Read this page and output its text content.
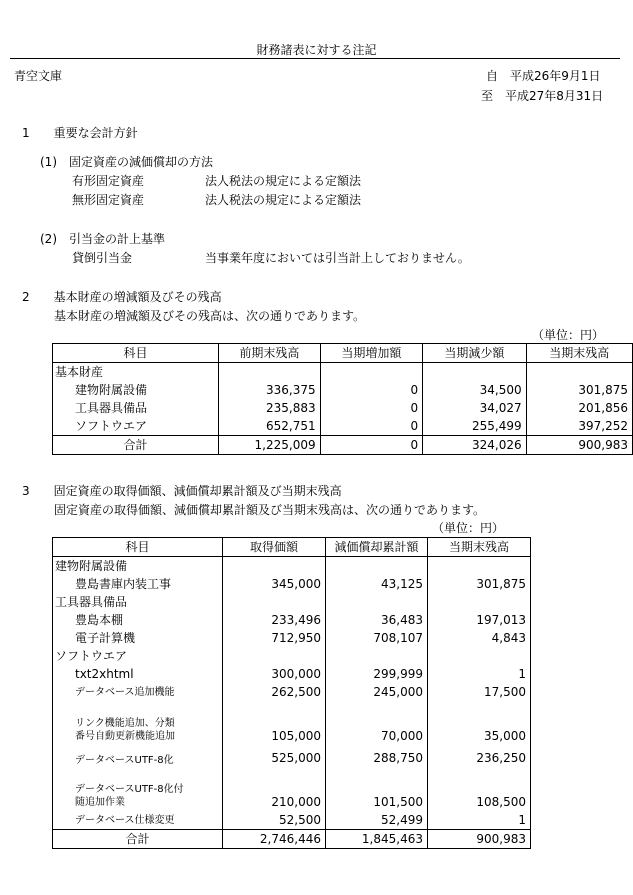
財務諸表に対する注記
青空文庫	自　平成26年9月1日
至　平成27年8月31日
1　　重要な会計方針
(1)　固定資産の減価償却の方法
有形固定資産	法人税法の規定による定額法
無形固定資産	法人税法の規定による定額法
(2)　引当金の計上基準
貸倒引当金	当事業年度においては引当計上しておりません。
2　　基本財産の増減額及びその残高
基本財産の増減額及びその残高は、次の通りであります。
（単位：円）
科目	前期末残高	当期増加額	当期減少額	当期末残高
基本財産				
建物附属設備	336,375	0	34,500	301,875
工具器具備品	235,883	0	34,027	201,856
ソフトウエア	652,751	0	255,499	397,252
合計	1,225,009	0	324,026	900,983
3　　固定資産の取得価額、減価償却累計額及び当期末残高
固定資産の取得価額、減価償却累計額及び当期末残高は、次の通りであります。
（単位：円）
科目	取得価額	減価償却累計額	当期末残高
建物附属設備			
豊島書庫内装工事	345,000	43,125	301,875
工具器具備品			
豊島本棚	233,496	36,483	197,013
電子計算機	712,950	708,107	4,843
ソフトウエア			
txt2xhtml	300,000	299,999	1
データベース追加機能	262,500	245,000	17,500

リンク機能追加、分類
番号自動更新機能追加	105,000	70,000	35,000
データベースUTF-8化	525,000	288,750	236,250

データベースUTF-8化付
随追加作業	210,000	101,500	108,500
データベース仕様変更	52,500	52,499	1
合計	2,746,446	1,845,463	900,983
